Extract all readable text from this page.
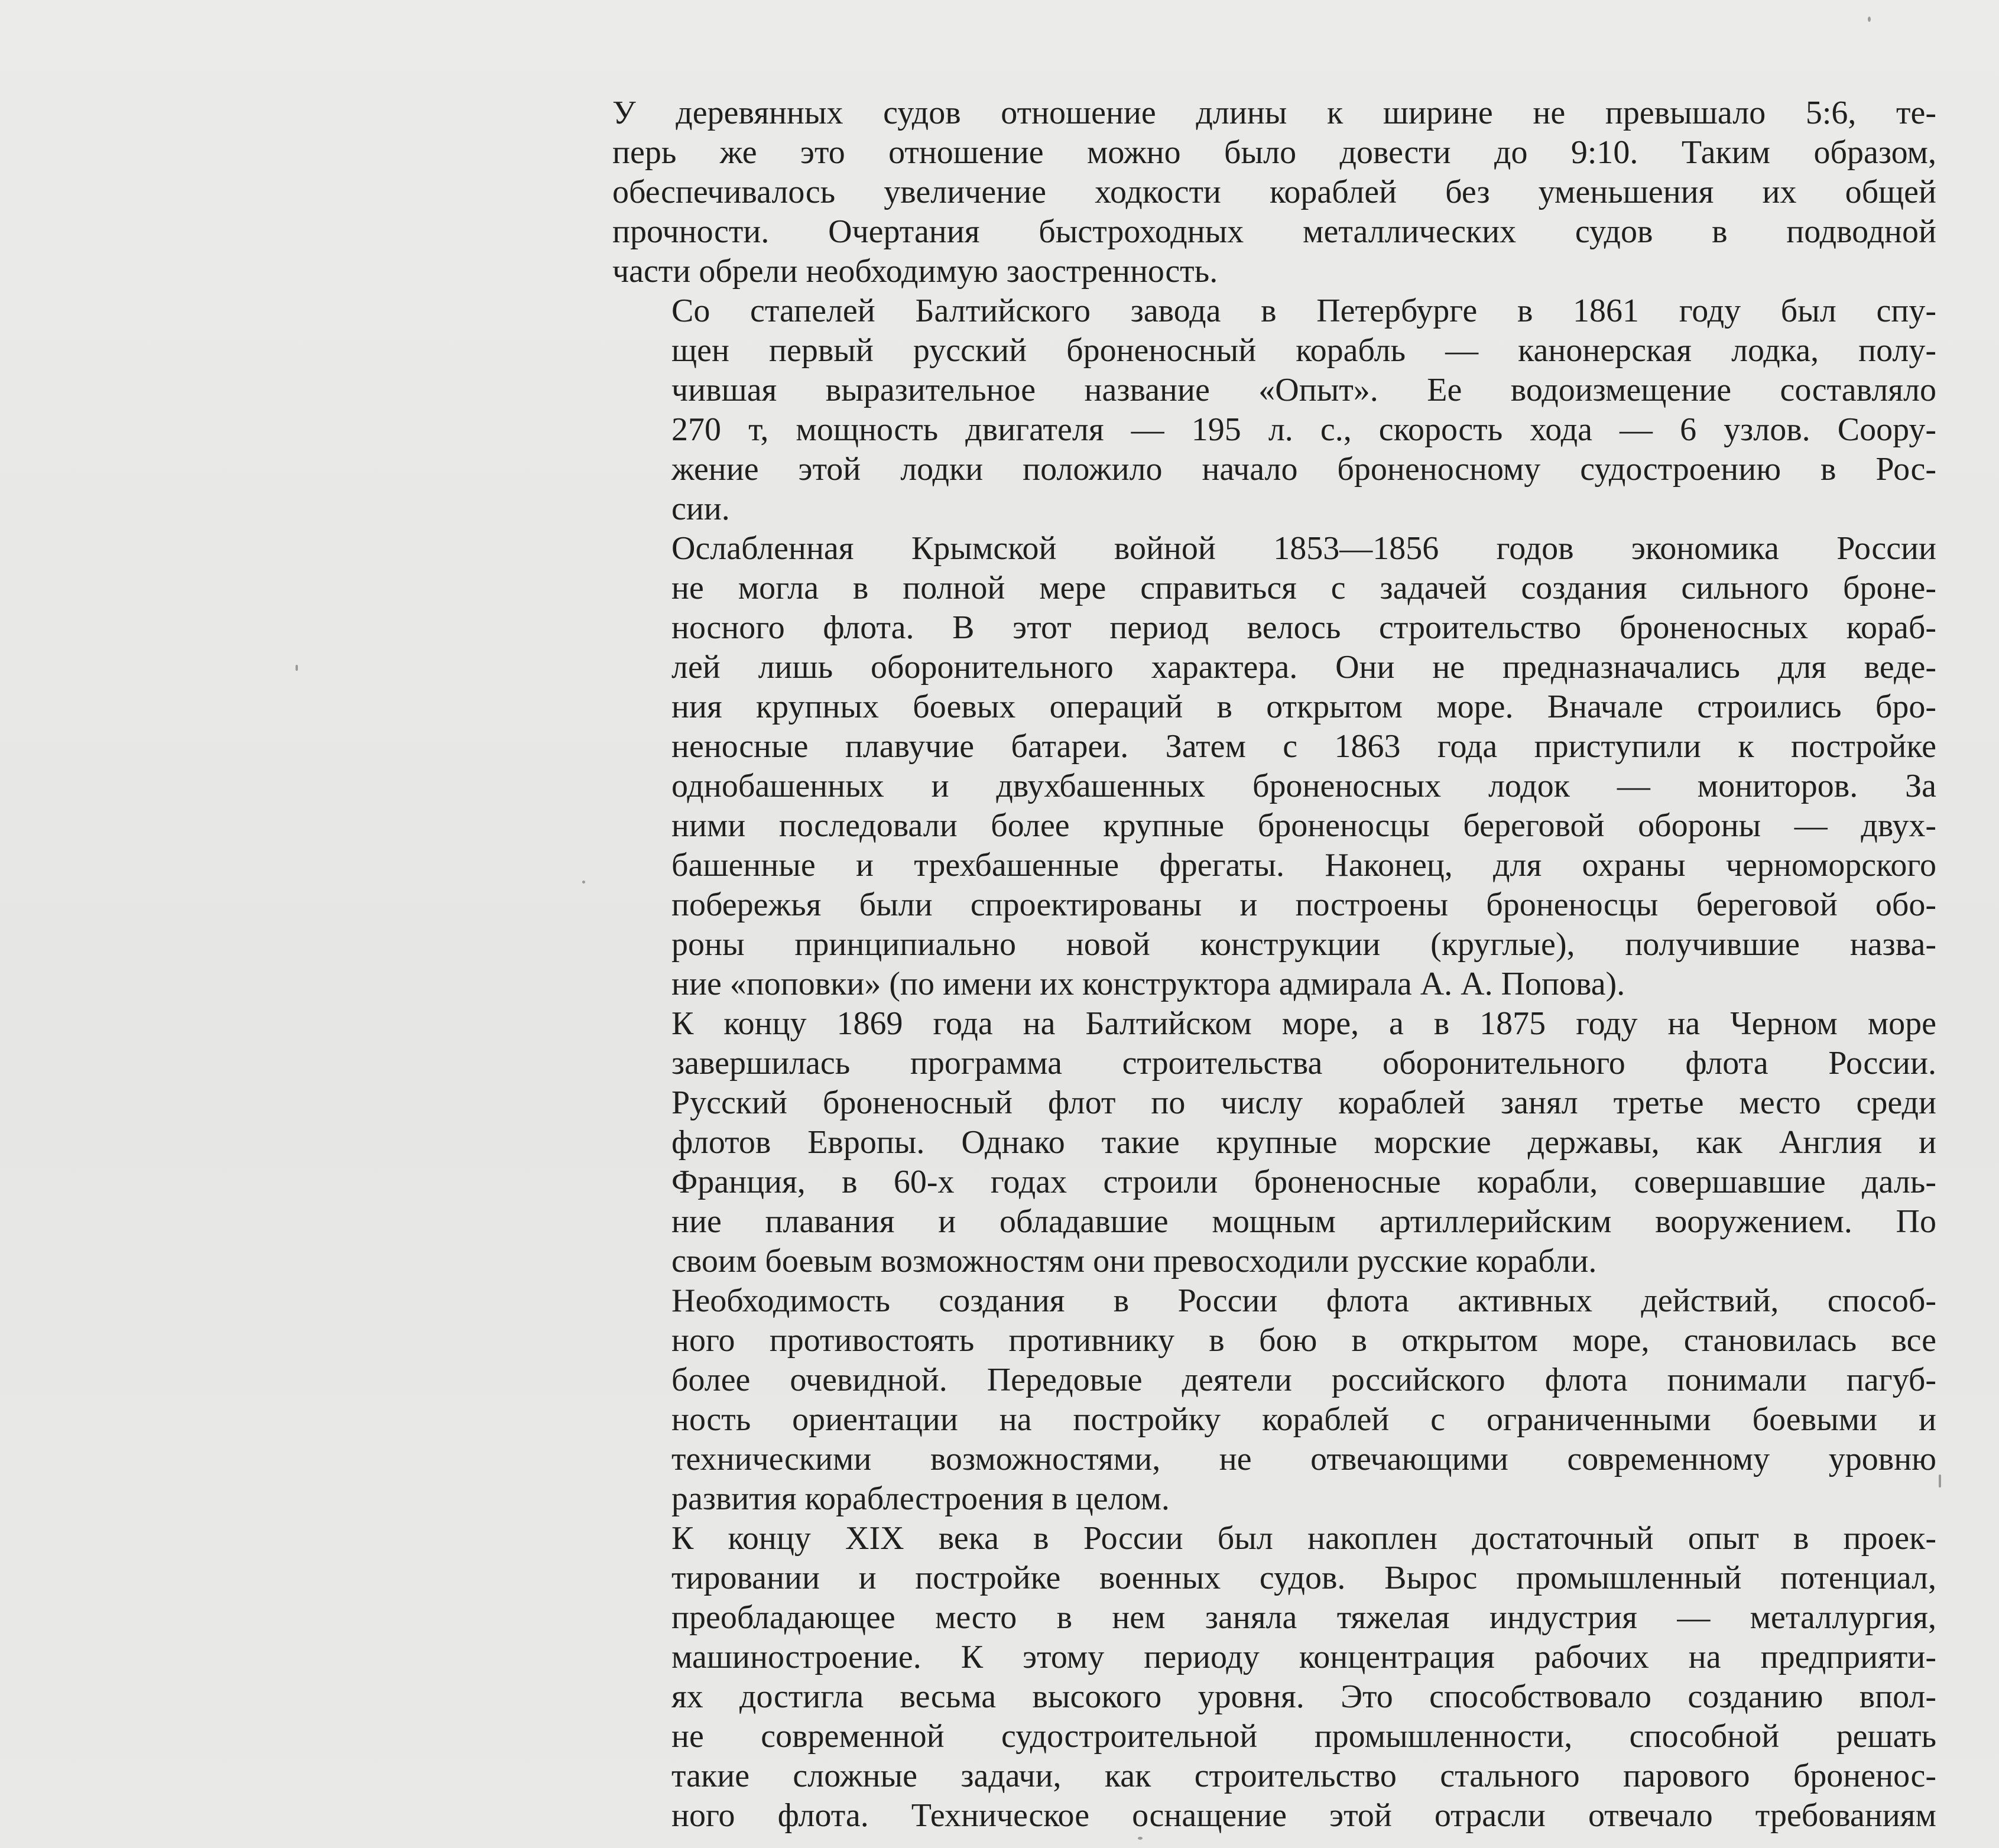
У деревянных судов отношение длины к ширине не превышало 5:6, те-
перь же это отношение можно было довести до 9:10. Таким образом,
обеспечивалось увеличение ходкости кораблей без уменьшения их общей
прочности. Очертания быстроходных металлических судов в подводной
части обрели необходимую заостренность.

Со стапелей Балтийского завода в Петербурге в 1861 году был спу-
щен первый русский броненосный корабль — канонерская лодка, полу-
чившая выразительное название «Опыт». Ее водоизмещение составляло
270 т, мощность двигателя — 195 л. с., скорость хода — 6 узлов. Соору-
жение этой лодки положило начало броненосному судостроению в Рос-
сии.

Ослабленная Крымской войной 1853—1856 годов экономика России
не могла в полной мере справиться с задачей создания сильного броне-
носного флота. В этот период велось строительство броненосных кораб-
лей лишь оборонительного характера. Они не предназначались для веде-
ния крупных боевых операций в открытом море. Вначале строились бро-
неносные плавучие батареи. Затем с 1863 года приступили к постройке
однобашенных и двухбашенных броненосных лодок — мониторов. За
ними последовали более крупные броненосцы береговой обороны — двух-
башенные и трехбашенные фрегаты. Наконец, для охраны черноморского
побережья были спроектированы и построены броненосцы береговой обо-
роны принципиально новой конструкции (круглые), получившие назва-
ние «поповки» (по имени их конструктора адмирала А. А. Попова).

К концу 1869 года на Балтийском море, а в 1875 году на Черном море
завершилась программа строительства оборонительного флота России.
Русский броненосный флот по числу кораблей занял третье место среди
флотов Европы. Однако такие крупные морские державы, как Англия и
Франция, в 60-х годах строили броненосные корабли, совершавшие даль-
ние плавания и обладавшие мощным артиллерийским вооружением. По
своим боевым возможностям они превосходили русские корабли.

Необходимость создания в России флота активных действий, способ-
ного противостоять противнику в бою в открытом море, становилась все
более очевидной. Передовые деятели российского флота понимали пагуб-
ность ориентации на постройку кораблей с ограниченными боевыми и
техническими возможностями, не отвечающими современному уровню
развития кораблестроения в целом.

К концу XIX века в России был накоплен достаточный опыт в проек-
тировании и постройке военных судов. Вырос промышленный потенциал,
преобладающее место в нем заняла тяжелая индустрия — металлургия,
машиностроение. К этому периоду концентрация рабочих на предприяти-
ях достигла весьма высокого уровня. Это способствовало созданию впол-
не современной судостроительной промышленности, способной решать
такие сложные задачи, как строительство стального парового броненос-
ного флота. Техническое оснащение этой отрасли отвечало требованиям
